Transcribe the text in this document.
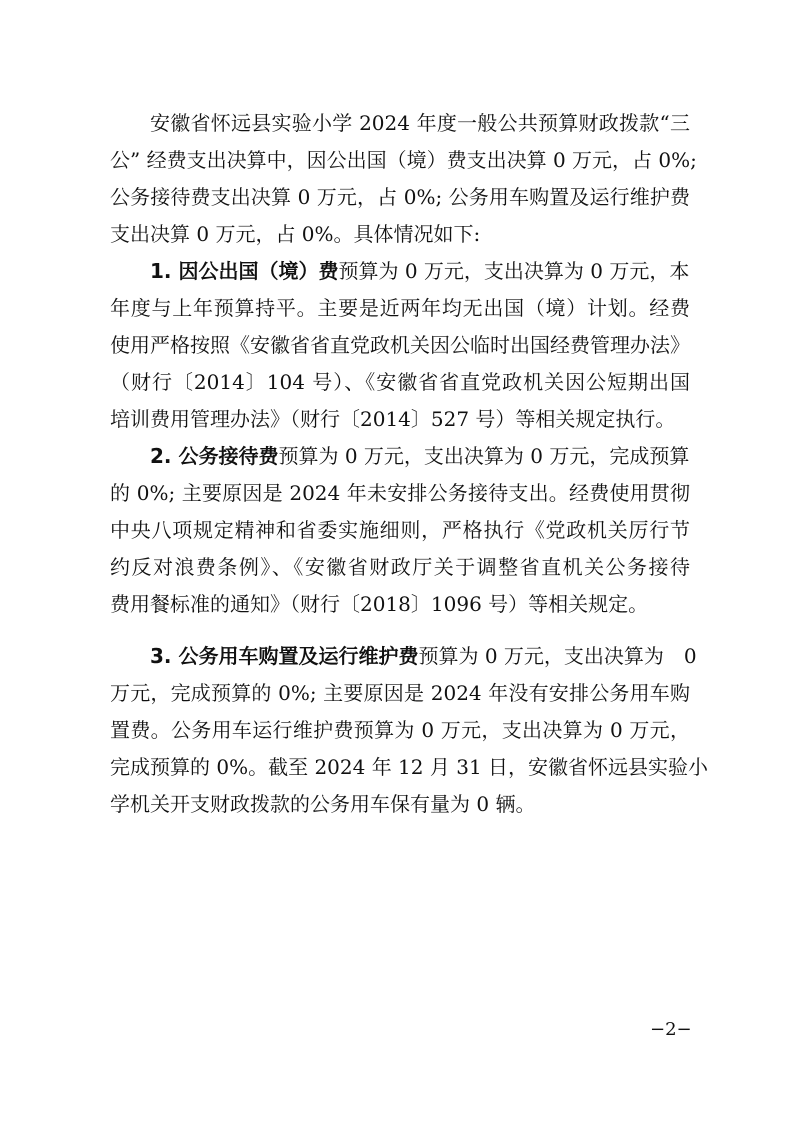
安徽省怀远县实验小学 2024 年度一般公共预算财政拨款“三
公” 经费支出决算中，因公出国（境）费支出决算 0 万元，占 0%;
公务接待费支出决算 0 万元，占 0%; 公务用车购置及运行维护费
支出决算 0 万元，占 0%。具体情况如下:
1. 因公出国（境）费预算为 0 万元，支出决算为 0 万元，本
年度与上年预算持平。主要是近两年均无出国（境）计划。经费
使用严格按照《安徽省省直党政机关因公临时出国经费管理办法》
（财行〔2014〕104 号）、《安徽省省直党政机关因公短期出国
培训费用管理办法》（财行〔2014〕527 号）等相关规定执行。
2. 公务接待费预算为 0 万元，支出决算为 0 万元，完成预算
的 0%; 主要原因是 2024 年未安排公务接待支出。经费使用贯彻
中央八项规定精神和省委实施细则，严格执行《党政机关厉行节
约反对浪费条例》、《安徽省财政厅关于调整省直机关公务接待
费用餐标准的通知》（财行〔2018〕1096 号）等相关规定。
3. 公务用车购置及运行维护费预算为 0 万元，支出决算为　0
万元，完成预算的 0%; 主要原因是 2024 年没有安排公务用车购
置费。公务用车运行维护费预算为 0 万元，支出决算为 0 万元，
完成预算的 0%。截至 2024 年 12 月 31 日，安徽省怀远县实验小
学机关开支财政拨款的公务用车保有量为 0 辆。
−2−
